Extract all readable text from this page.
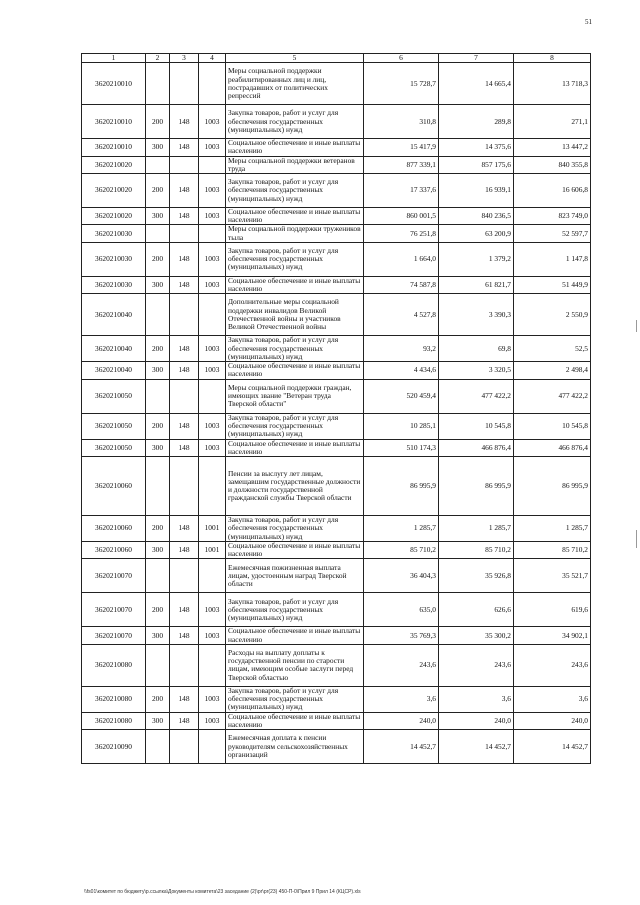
51
1	2	3	4	5	6	7	8
3620210010				Меры социальной поддержки реабилитированных лиц и лиц, пострадавших от политических репрессий	15 728,7	14 665,4	13 718,3
3620210010	200	148	1003	Закупка товаров, работ и услуг для обеспечения государственных (муниципальных) нужд	310,8	289,8	271,1
3620210010	300	148	1003	Социальное обеспечение и иные выплаты населению	15 417,9	14 375,6	13 447,2
3620210020				Меры социальной поддержки ветеранов труда	877 339,1	857 175,6	840 355,8
3620210020	200	148	1003	Закупка товаров, работ и услуг для обеспечения государственных (муниципальных) нужд	17 337,6	16 939,1	16 606,8
3620210020	300	148	1003	Социальное обеспечение и иные выплаты населению	860 001,5	840 236,5	823 749,0
3620210030				Меры социальной поддержки тружеников тыла	76 251,8	63 200,9	52 597,7
3620210030	200	148	1003	Закупка товаров, работ и услуг для обеспечения государственных (муниципальных) нужд	1 664,0	1 379,2	1 147,8
3620210030	300	148	1003	Социальное обеспечение и иные выплаты населению	74 587,8	61 821,7	51 449,9
3620210040				Дополнительные меры социальной поддержки инвалидов Великой Отечественной войны и участников Великой Отечественной войны	4 527,8	3 390,3	2 550,9
3620210040	200	148	1003	Закупка товаров, работ и услуг для обеспечения государственных (муниципальных) нужд	93,2	69,8	52,5
3620210040	300	148	1003	Социальное обеспечение и иные выплаты населению	4 434,6	3 320,5	2 498,4
3620210050				Меры социальной поддержки граждан, имеющих звание "Ветеран труда Тверской области"	520 459,4	477 422,2	477 422,2
3620210050	200	148	1003	Закупка товаров, работ и услуг для обеспечения государственных (муниципальных) нужд	10 285,1	10 545,8	10 545,8
3620210050	300	148	1003	Социальное обеспечение и иные выплаты населению	510 174,3	466 876,4	466 876,4
3620210060				Пенсии за выслугу лет лицам, замещавшим государственные должности и должности государственной гражданской службы Тверской области	86 995,9	86 995,9	86 995,9
3620210060	200	148	1001	Закупка товаров, работ и услуг для обеспечения государственных (муниципальных) нужд	1 285,7	1 285,7	1 285,7
3620210060	300	148	1001	Социальное обеспечение и иные выплаты населению	85 710,2	85 710,2	85 710,2
3620210070				Ежемесячная пожизненная выплата лицам, удостоенным наград Тверской области	36 404,3	35 926,8	35 521,7
3620210070	200	148	1003	Закупка товаров, работ и услуг для обеспечения государственных (муниципальных) нужд	635,0	626,6	619,6
3620210070	300	148	1003	Социальное обеспечение и иные выплаты населению	35 769,3	35 300,2	34 902,1
3620210080				Расходы на выплату доплаты к государственной пенсии по старости лицам, имеющим особые заслуги перед Тверской областью	243,6	243,6	243,6
3620210080	200	148	1003	Закупка товаров, работ и услуг для обеспечения государственных (муниципальных) нужд	3,6	3,6	3,6
3620210080	300	148	1003	Социальное обеспечение и иные выплаты населению	240,0	240,0	240,0
3620210090				Ежемесячная доплата к пенсии руководителям сельскохозяйственных организаций	14 452,7	14 452,7	14 452,7
\\fs01\комитет по бюджету\р.ссылка\Документы комитета\23 заседание (2)\рг\рг(23) 450-П-0\Прил 9 Прил 14 (КЦСР).xls
